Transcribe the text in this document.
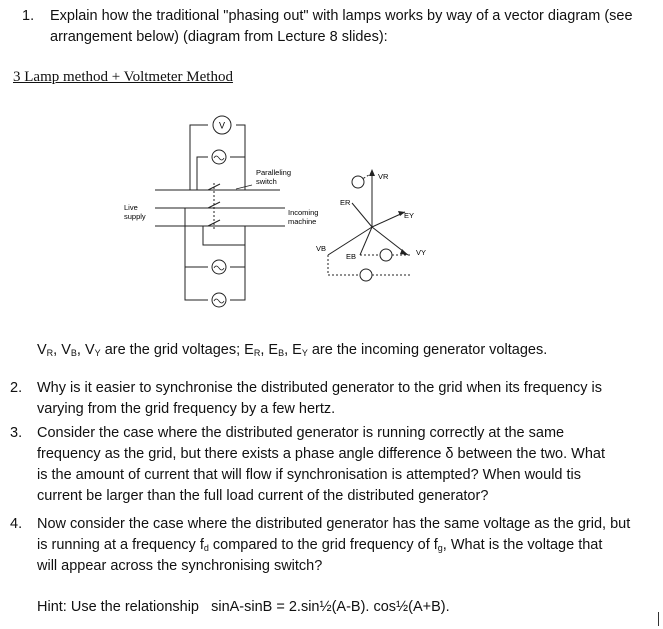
1. Explain how the traditional "phasing out" with lamps works by way of a vector diagram (see
arrangement below) (diagram from Lecture 8 slides):
3 Lamp method + Voltmeter Method
V
Paralleling
switch
Live
supply	Incoming
machine
VR
ER
EY
VB
EB	VY
$V_R$, $V_B$, $V_Y$ are the grid voltages; $E_R$, $E_B$, $E_Y$ are the incoming generator voltages.
2. Why is it easier to synchronise the distributed generator to the grid when its frequency is
varying from the grid frequency by a few hertz.
3. Consider the case where the distributed generator is running correctly at the same
frequency as the grid, but there exists a phase angle difference δ between the two. What
is the amount of current that will flow if synchronisation is attempted? When would tis
current be larger than the full load current of the distributed generator?
4. Now consider the case where the distributed generator has the same voltage as the grid, but
is running at a frequency $f_d$ compared to the grid frequency of $f_g$, What is the voltage that
will appear across the synchronising switch?
Hint: Use the relationship sinA-sinB = 2.sin½(A-B). cos½(A+B).
